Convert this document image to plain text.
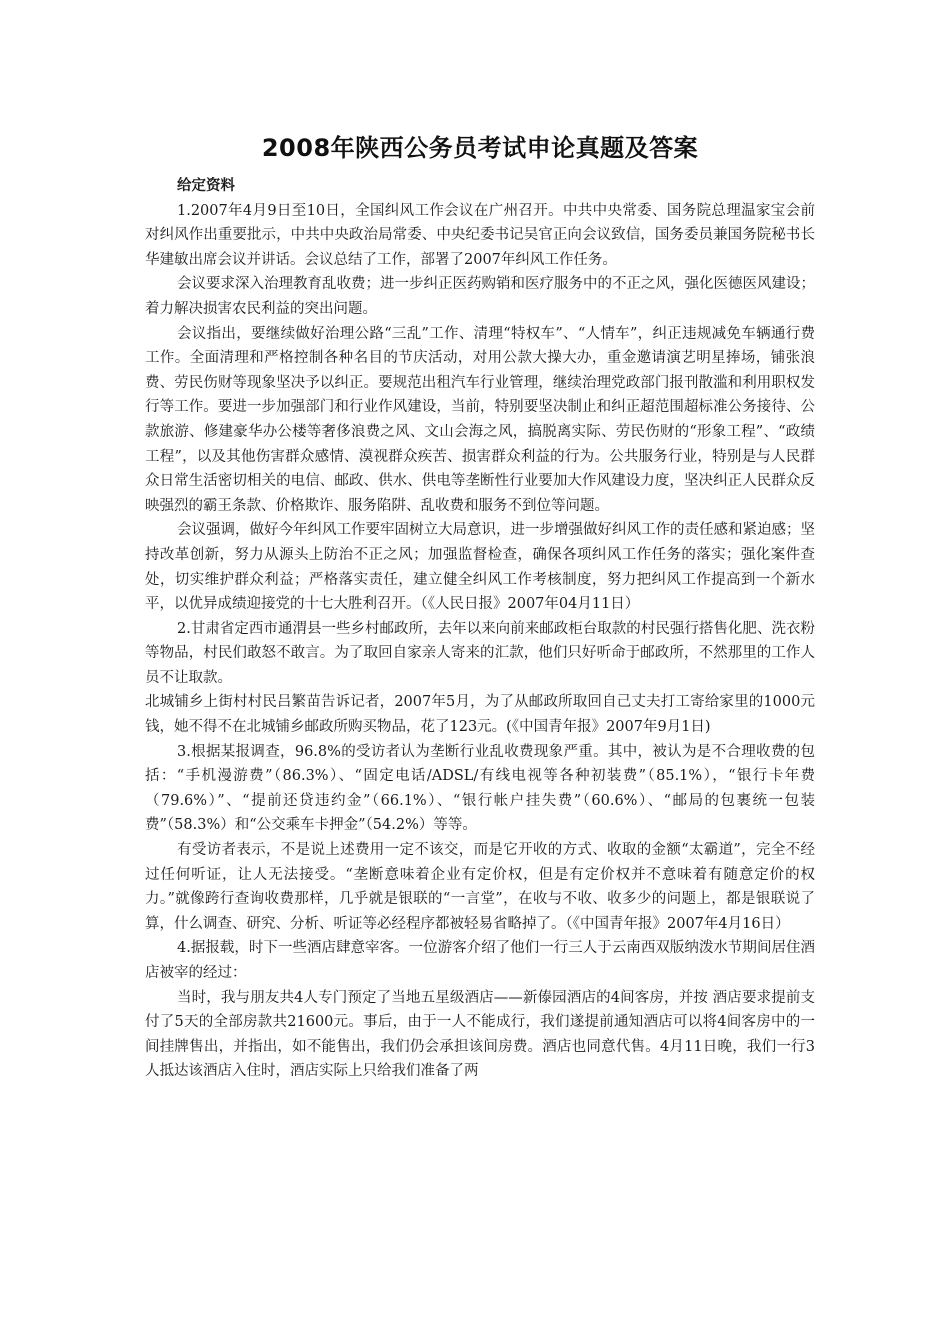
2008年陕西公务员考试申论真题及答案

给定资料

1.2007年4月9日至10日，全国纠风工作会议在广州召开。中共中央常委、国务院总理温家宝会前对纠风作出重要批示，中共中央政治局常委、中央纪委书记吴官正向会议致信，国务委员兼国务院秘书长华建敏出席会议并讲话。会议总结了工作，部署了2007年纠风工作任务。

会议要求深入治理教育乱收费；进一步纠正医药购销和医疗服务中的不正之风，强化医德医风建设；着力解决损害农民利益的突出问题。

会议指出，要继续做好治理公路“三乱”工作、清理“特权车”、“人情车”，纠正违规减免车辆通行费工作。全面清理和严格控制各种名目的节庆活动，对用公款大操大办，重金邀请演艺明星捧场，铺张浪费、劳民伤财等现象坚决予以纠正。要规范出租汽车行业管理，继续治理党政部门报刊散滥和利用职权发行等工作。要进一步加强部门和行业作风建设，当前，特别要坚决制止和纠正超范围超标准公务接待、公款旅游、修建豪华办公楼等奢侈浪费之风、文山会海之风，搞脱离实际、劳民伤财的“形象工程”、“政绩工程”，以及其他伤害群众感情、漠视群众疾苦、损害群众利益的行为。公共服务行业，特别是与人民群众日常生活密切相关的电信、邮政、供水、供电等垄断性行业要加大作风建设力度，坚决纠正人民群众反映强烈的霸王条款、价格欺诈、服务陷阱、乱收费和服务不到位等问题。

会议强调，做好今年纠风工作要牢固树立大局意识，进一步增强做好纠风工作的责任感和紧迫感；坚持改革创新，努力从源头上防治不正之风；加强监督检查，确保各项纠风工作任务的落实；强化案件查处，切实维护群众利益；严格落实责任，建立健全纠风工作考核制度，努力把纠风工作提高到一个新水平，以优异成绩迎接党的十七大胜利召开。（《人民日报》2007年04月11日）

2.甘肃省定西市通渭县一些乡村邮政所，去年以来向前来邮政柜台取款的村民强行搭售化肥、洗衣粉等物品，村民们敢怒不敢言。为了取回自家亲人寄来的汇款，他们只好听命于邮政所，不然那里的工作人员不让取款。

北城铺乡上街村村民吕繁苗告诉记者，2007年5月，为了从邮政所取回自己丈夫打工寄给家里的1000元钱，她不得不在北城铺乡邮政所购买物品，花了123元。(《中国青年报》2007年9月1日)

3.根据某报调查，96.8%的受访者认为垄断行业乱收费现象严重。其中，被认为是不合理收费的包括：“手机漫游费”（86.3%）、“固定电话/ADSL/有线电视等各种初装费”（85.1%），“银行卡年费（79.6%）”、“提前还贷违约金”（66.1%）、“银行帐户挂失费”（60.6%）、“邮局的包裹统一包装费”（58.3%）和“公交乘车卡押金”（54.2%）等等。

有受访者表示，不是说上述费用一定不该交，而是它开收的方式、收取的金额“太霸道”，完全不经过任何听证，让人无法接受。“垄断意味着企业有定价权，但是有定价权并不意味着有随意定价的权力。”就像跨行查询收费那样，几乎就是银联的“一言堂”，在收与不收、收多少的问题上，都是银联说了算，什么调查、研究、分析、听证等必经程序都被轻易省略掉了。（《中国青年报》2007年4月16日）

4.据报载，时下一些酒店肆意宰客。一位游客介绍了他们一行三人于云南西双版纳泼水节期间居住酒店被宰的经过：

当时，我与朋友共4人专门预定了当地五星级酒店——新傣园酒店的4间客房，并按 酒店要求提前支付了5天的全部房款共21600元。事后，由于一人不能成行，我们遂提前通知酒店可以将4间客房中的一间挂牌售出，并指出，如不能售出，我们仍会承担该间房费。酒店也同意代售。4月11日晚，我们一行3人抵达该酒店入住时，酒店实际上只给我们准备了两
